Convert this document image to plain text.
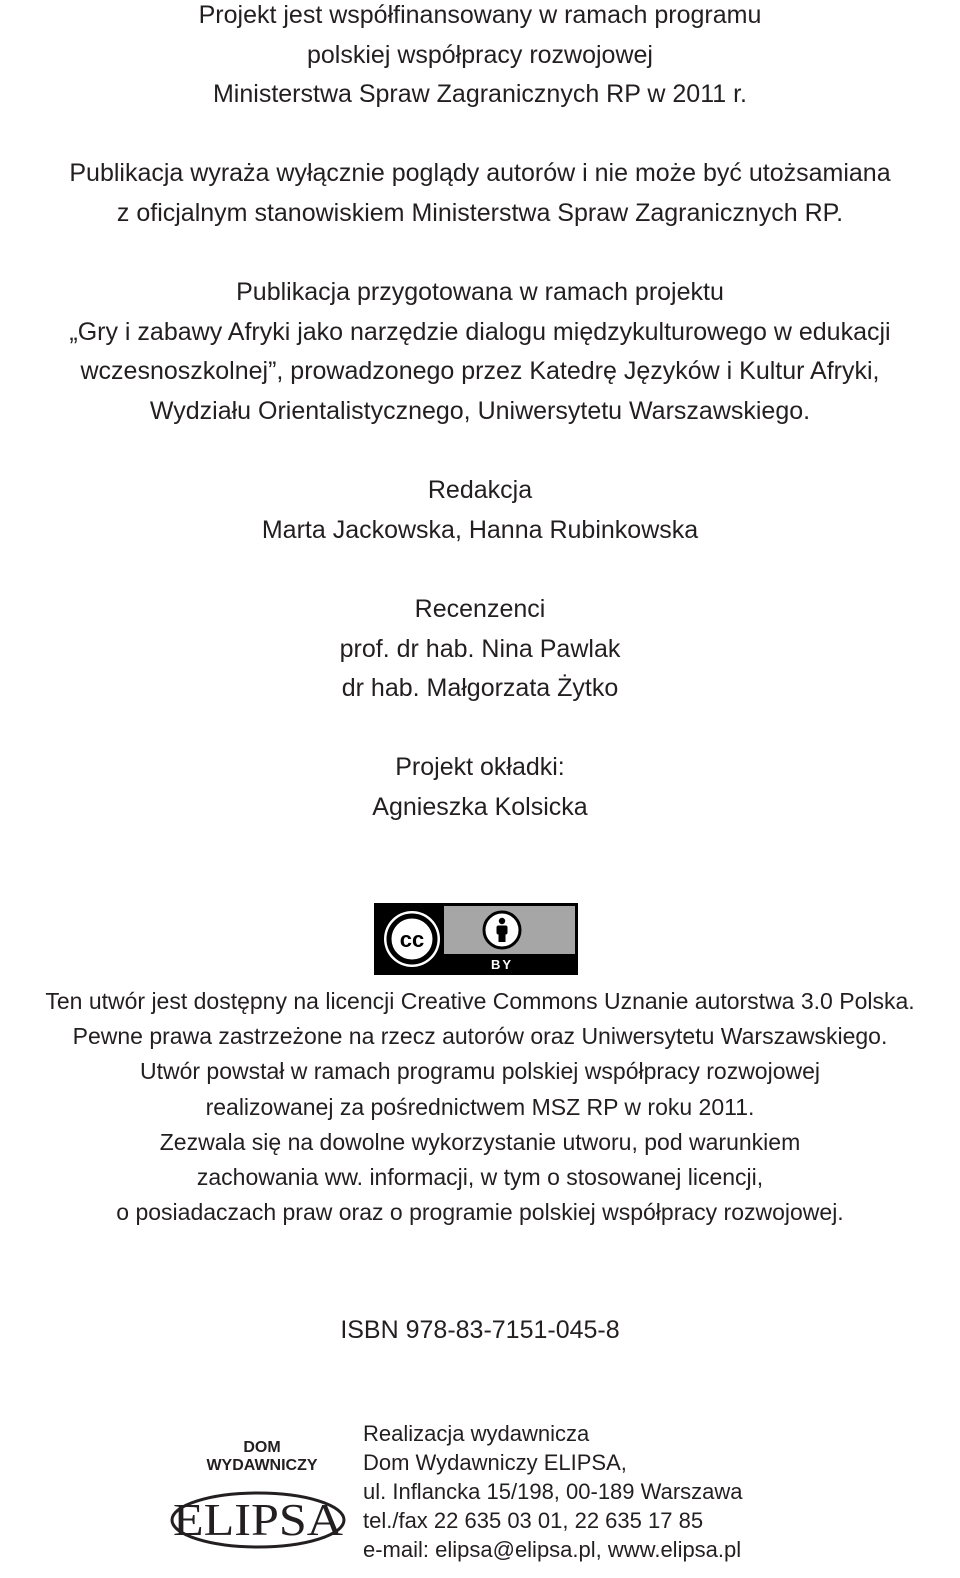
Projekt jest współfinansowany w ramach programu
polskiej współpracy rozwojowej
Ministerstwa Spraw Zagranicznych RP w 2011 r.
Publikacja wyraża wyłącznie poglądy autorów i nie może być utożsamiana
z oficjalnym stanowiskiem Ministerstwa Spraw Zagranicznych RP.
Publikacja przygotowana w ramach projektu
„Gry i zabawy Afryki jako narzędzie dialogu międzykulturowego w edukacji
wczesnoszkolnej”, prowadzonego przez Katedrę Języków i Kultur Afryki,
Wydziału Orientalistycznego, Uniwersytetu Warszawskiego.
Redakcja
Marta Jackowska, Hanna Rubinkowska
Recenzenci
prof. dr hab. Nina Pawlak
dr hab. Małgorzata Żytko
Projekt okładki:
Agnieszka Kolsicka
cc
BY
Ten utwór jest dostępny na licencji Creative Commons Uznanie autorstwa 3.0 Polska.
Pewne prawa zastrzeżone na rzecz autorów oraz Uniwersytetu Warszawskiego.
Utwór powstał w ramach programu polskiej współpracy rozwojowej
realizowanej za pośrednictwem MSZ RP w roku 2011.
Zezwala się na dowolne wykorzystanie utworu, pod warunkiem
zachowania ww. informacji, w tym o stosowanej licencji,
o posiadaczach praw oraz o programie polskiej współpracy rozwojowej.
ISBN 978-83-7151-045-8
DOM
WYDAWNICZY
ELIPSA
Realizacja wydawnicza
Dom Wydawniczy ELIPSA,
ul. Inflancka 15/198, 00-189 Warszawa
tel./fax 22 635 03 01, 22 635 17 85
e-mail: elipsa@elipsa.pl, www.elipsa.pl
